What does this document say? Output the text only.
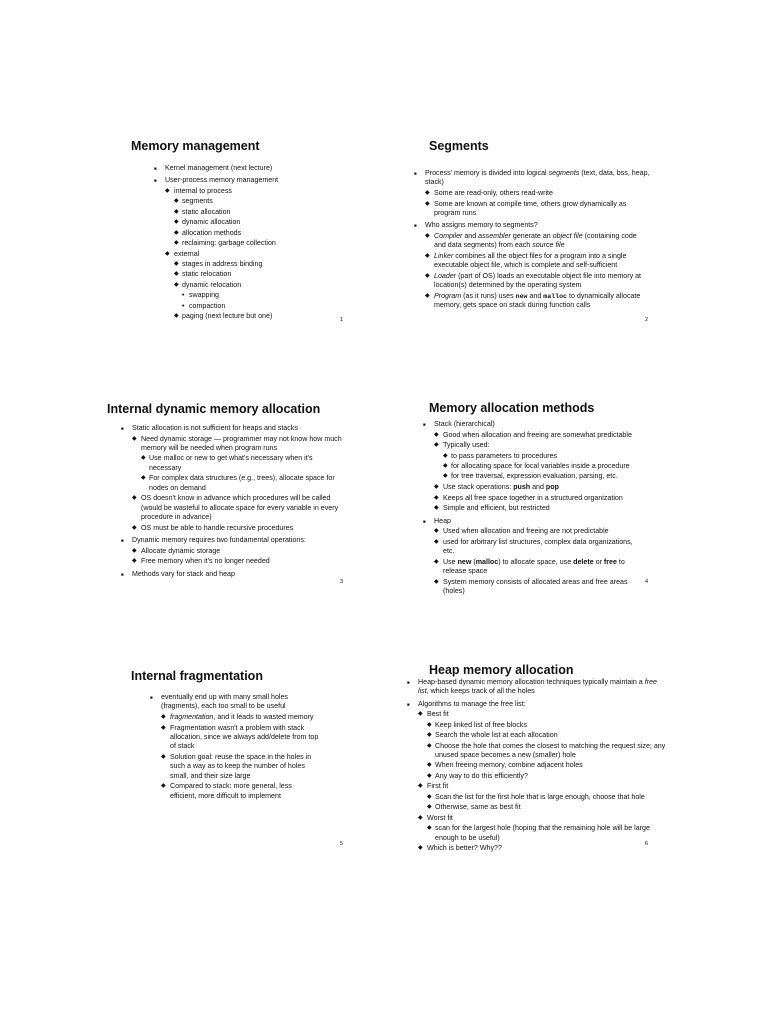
Memory management
■ Kernel management (next lecture)
■ User-process memory management
◆ internal to process
◆ segments
◆ static allocation
◆ dynamic allocation
◆ allocation methods
◆ reclaiming: garbage collection
◆ external
◆ stages in address binding
◆ static relocation
◆ dynamic relocation
• swapping
• compaction
◆ paging (next lecture but one)	1
Segments
■ Process' memory is divided into logical segments (text, data, bss, heap, stack)
◆ Some are read-only, others read-write
◆ Some are known at compile time, others grow dynamically as program runs
■ Who assigns memory to segments?
◆ Compiler and assembler generate an object file (containing code and data segments) from each source file
◆ Linker combines all the object files for a program into a single executable object file, which is complete and self-sufficient
◆ Loader (part of OS) loads an executable object file into memory at location(s) determined by the operating system
◆ Program (as it runs) uses new and malloc to dynamically allocate memory, gets space on stack during function calls
2
Internal dynamic memory allocation
■ Static allocation is not sufficient for heaps and stacks
◆ Need dynamic storage — programmer may not know how much memory will be needed when program runs
◆ Use malloc or new to get what's necessary when it's necessary
◆ For complex data structures (e.g., trees), allocate space for nodes on demand
◆ OS doesn't know in advance which procedures will be called (would be wasteful to allocate space for every variable in every procedure in advance)
◆ OS must be able to handle recursive procedures
■ Dynamic memory requires two fundamental operations:
◆ Allocate dynamic storage
◆ Free memory when it's no longer needed
■ Methods vary for stack and heap
3
Memory allocation methods
■ Stack (hierarchical)
◆ Good when allocation and freeing are somewhat predictable
◆ Typically used:
◆ to pass parameters to procedures
◆ for allocating space for local variables inside a procedure
◆ for tree traversal, expression evaluation, parsing, etc.
◆ Use stack operations: push and pop
◆ Keeps all free space together in a structured organization
◆ Simple and efficient, but restricted
■ Heap
◆ Used when allocation and freeing are not predictable
◆ used for arbitrary list structures, complex data organizations, etc.
◆ Use new (malloc) to allocate space, use delete or free to release space
◆ System memory consists of allocated areas and free areas (holes)
4
Internal fragmentation
■ eventually end up with many small holes (fragments), each too small to be useful
◆ fragmentation, and it leads to wasted memory
◆ Fragmentation wasn't a problem with stack allocation, since we always add/delete from top of stack
◆ Solution goal: reuse the space in the holes in such a way as to keep the number of holes small, and their size large
◆ Compared to stack: more general, less efficient, more difficult to implement
5
Heap memory allocation
■ Heap-based dynamic memory allocation techniques typically maintain a free list, which keeps track of all the holes
■ Algorithms to manage the free list:
◆ Best fit
◆ Keep linked list of free blocks
◆ Search the whole list at each allocation
◆ Choose the hole that comes the closest to matching the request size; any unused space becomes a new (smaller) hole
◆ When freeing memory, combine adjacent holes
◆ Any way to do this efficiently?
◆ First fit
◆ Scan the list for the first hole that is large enough, choose that hole
◆ Otherwise, same as best fit
◆ Worst fit
◆ scan for the largest hole (hoping that the remaining hole will be large enough to be useful)
◆ Which is better? Why??
6
